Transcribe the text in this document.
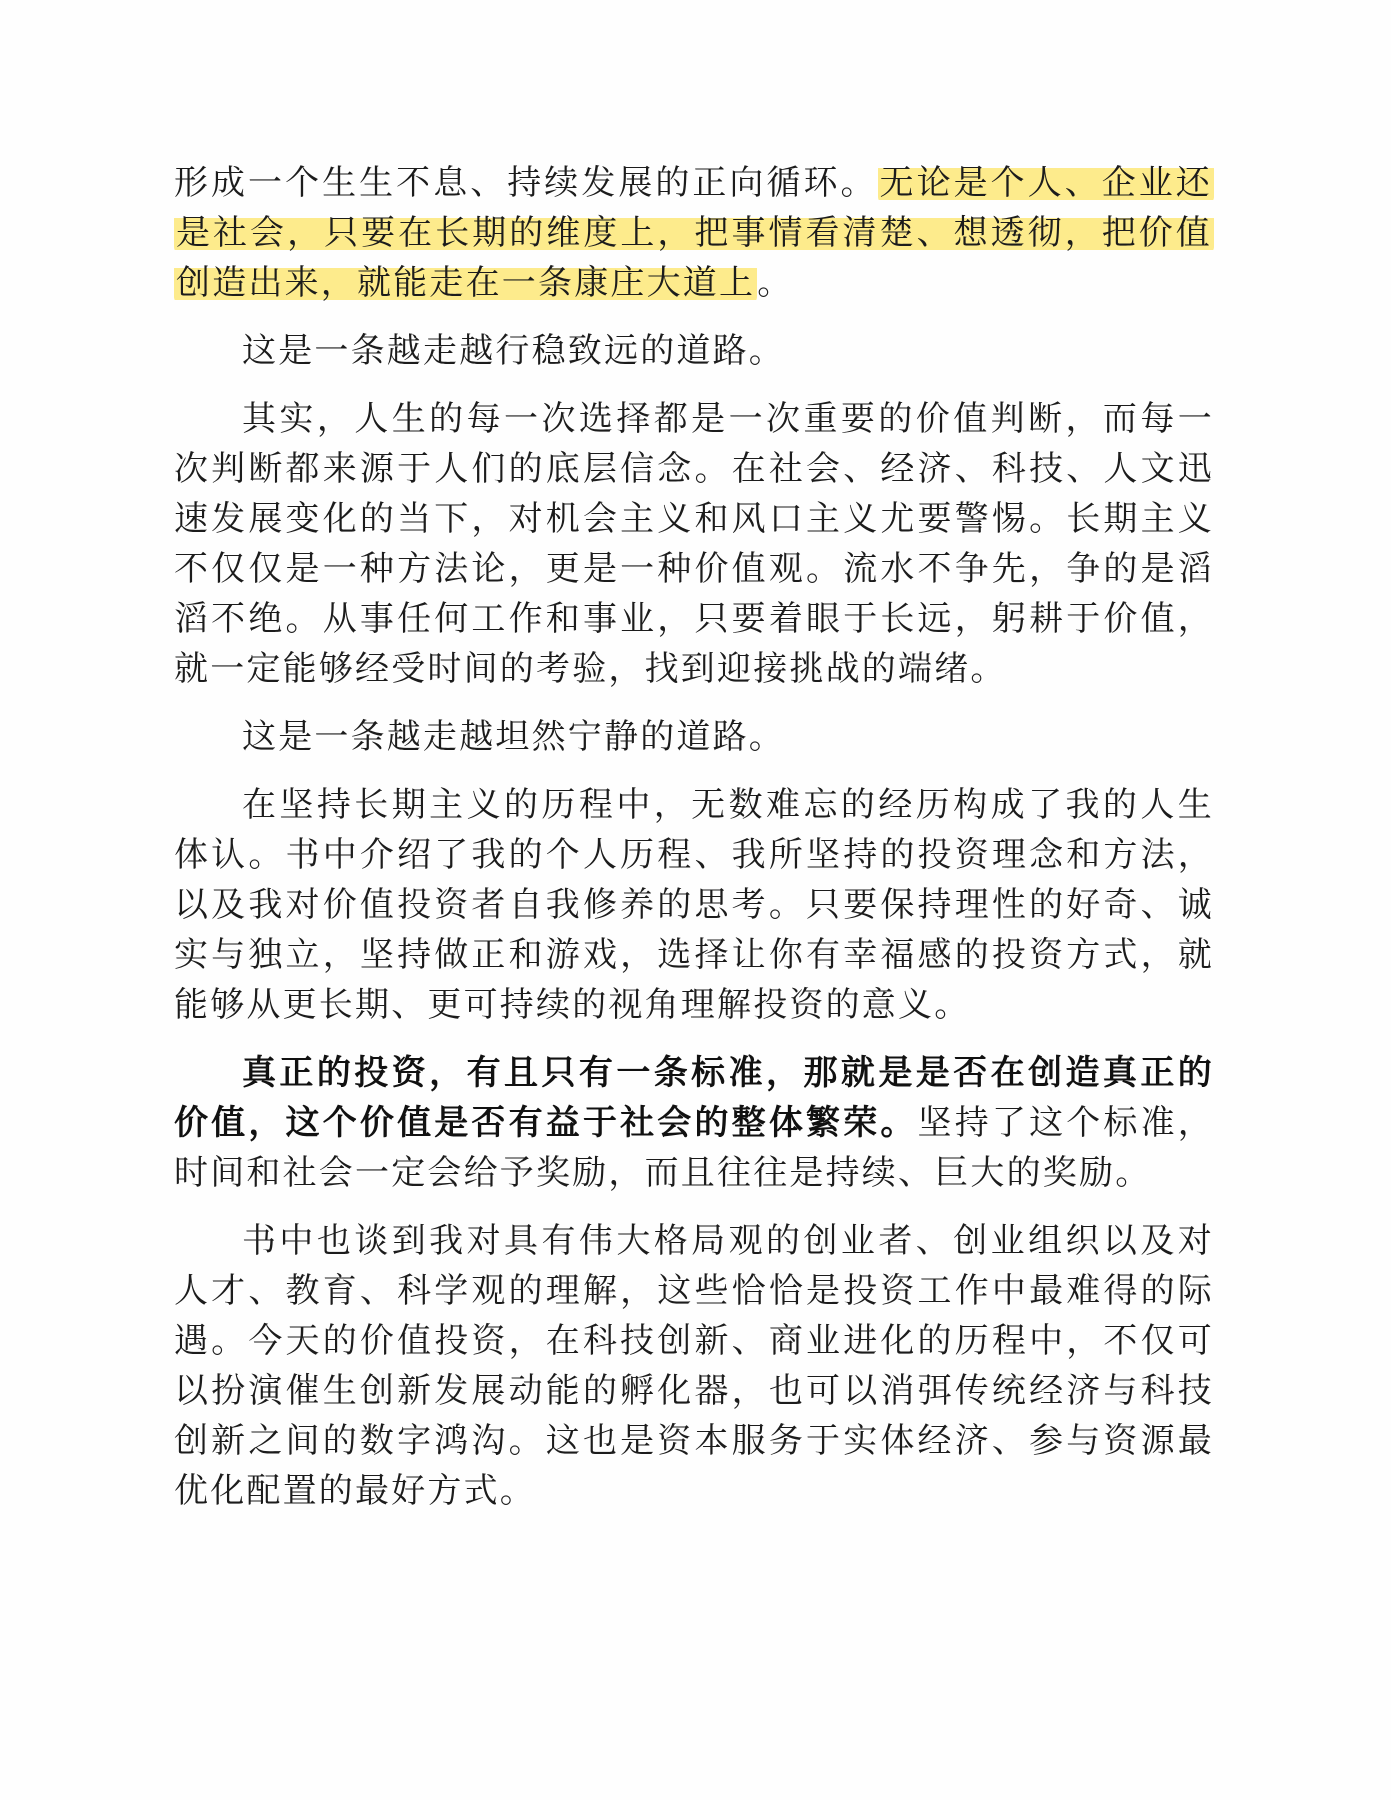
形成一个生生不息、持续发展的正向循环。无论是个人、企业还是社会，只要在长期的维度上，把事情看清楚、想透彻，把价值创造出来，就能走在一条康庄大道上。

这是一条越走越行稳致远的道路。

其实，人生的每一次选择都是一次重要的价值判断，而每一次判断都来源于人们的底层信念。在社会、经济、科技、人文迅速发展变化的当下，对机会主义和风口主义尤要警惕。长期主义不仅仅是一种方法论，更是一种价值观。流水不争先，争的是滔滔不绝。从事任何工作和事业，只要着眼于长远，躬耕于价值，就一定能够经受时间的考验，找到迎接挑战的端绪。

这是一条越走越坦然宁静的道路。

在坚持长期主义的历程中，无数难忘的经历构成了我的人生体认。书中介绍了我的个人历程、我所坚持的投资理念和方法，以及我对价值投资者自我修养的思考。只要保持理性的好奇、诚实与独立，坚持做正和游戏，选择让你有幸福感的投资方式，就能够从更长期、更可持续的视角理解投资的意义。

真正的投资，有且只有一条标准，那就是是否在创造真正的价值，这个价值是否有益于社会的整体繁荣。坚持了这个标准，时间和社会一定会给予奖励，而且往往是持续、巨大的奖励。

书中也谈到我对具有伟大格局观的创业者、创业组织以及对人才、教育、科学观的理解，这些恰恰是投资工作中最难得的际遇。今天的价值投资，在科技创新、商业进化的历程中，不仅可以扮演催生创新发展动能的孵化器，也可以消弭传统经济与科技创新之间的数字鸿沟。这也是资本服务于实体经济、参与资源最优化配置的最好方式。
